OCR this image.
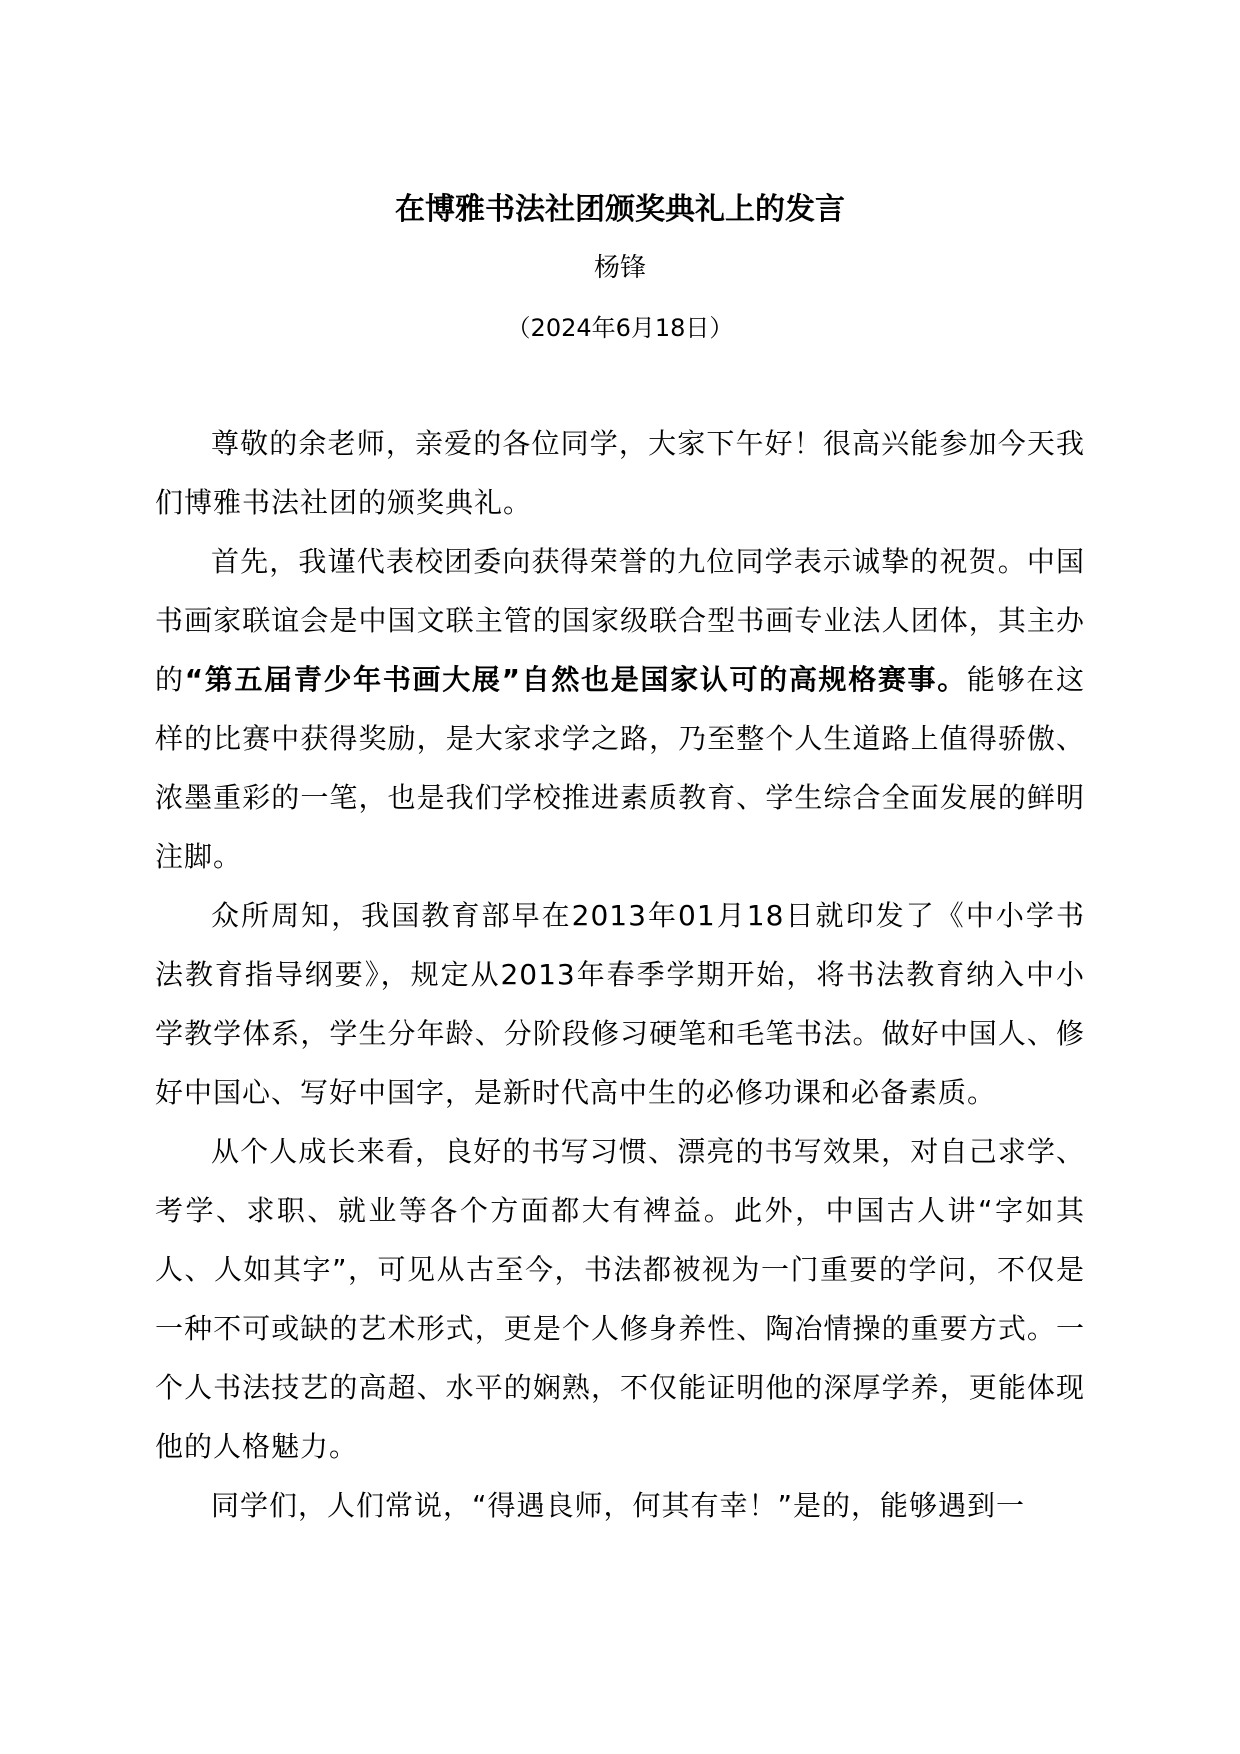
在博雅书法社团颁奖典礼上的发言
杨锋
（2024年6月18日）

尊敬的余老师，亲爱的各位同学，大家下午好！很高兴能参加今天我们博雅书法社团的颁奖典礼。

首先，我谨代表校团委向获得荣誉的九位同学表示诚挚的祝贺。中国书画家联谊会是中国文联主管的国家级联合型书画专业法人团体，其主办的“第五届青少年书画大展”自然也是国家认可的高规格赛事。能够在这样的比赛中获得奖励，是大家求学之路，乃至整个人生道路上值得骄傲、浓墨重彩的一笔，也是我们学校推进素质教育、学生综合全面发展的鲜明注脚。

众所周知，我国教育部早在2013年01月18日就印发了《中小学书法教育指导纲要》，规定从2013年春季学期开始，将书法教育纳入中小学教学体系，学生分年龄、分阶段修习硬笔和毛笔书法。做好中国人、修好中国心、写好中国字，是新时代高中生的必修功课和必备素质。

从个人成长来看，良好的书写习惯、漂亮的书写效果，对自己求学、考学、求职、就业等各个方面都大有裨益。此外，中国古人讲“字如其人、人如其字”，可见从古至今，书法都被视为一门重要的学问，不仅是一种不可或缺的艺术形式，更是个人修身养性、陶冶情操的重要方式。一个人书法技艺的高超、水平的娴熟，不仅能证明他的深厚学养，更能体现他的人格魅力。

同学们，人们常说，“得遇良师，何其有幸！”是的，能够遇到一
